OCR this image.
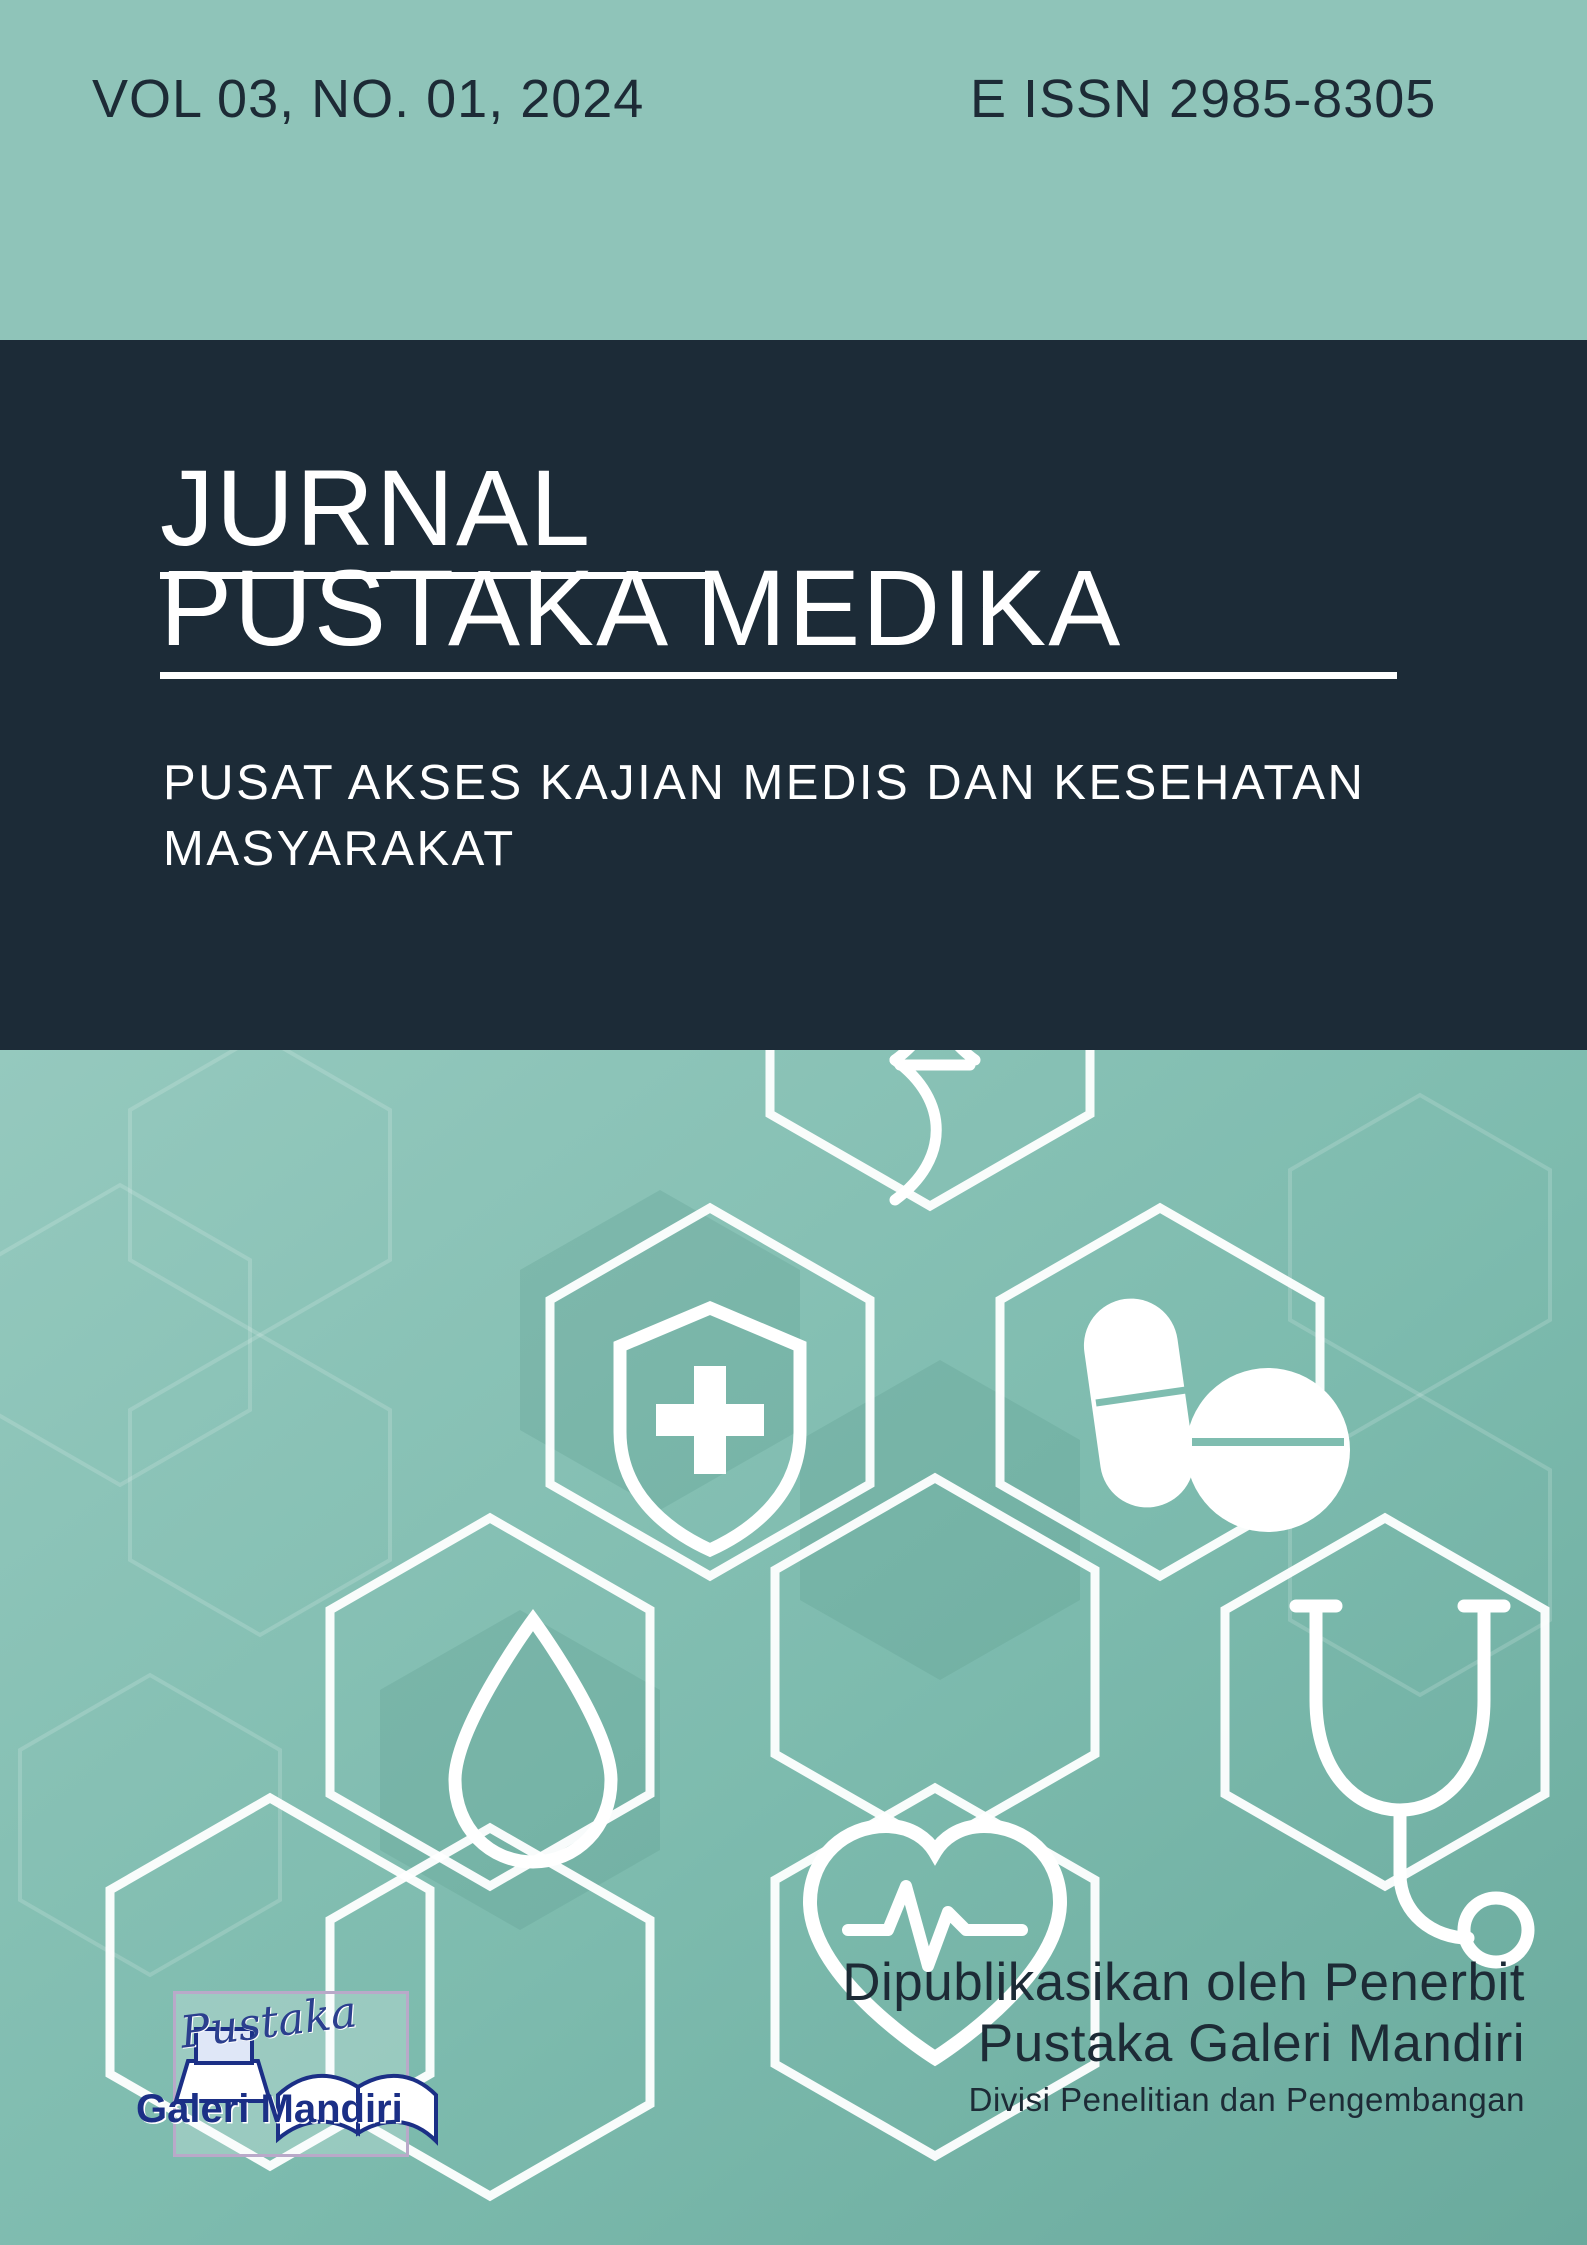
VOL 03, NO. 01, 2024	E ISSN 2985-8305
JURNAL
PUSTAKA MEDIKA
PUSAT AKSES KAJIAN MEDIS DAN KESEHATAN MASYARAKAT
Dipublikasikan oleh Penerbit
Pustaka Galeri Mandiri
Divisi Penelitian dan Pengembangan
Pustaka
Galeri Mandiri
